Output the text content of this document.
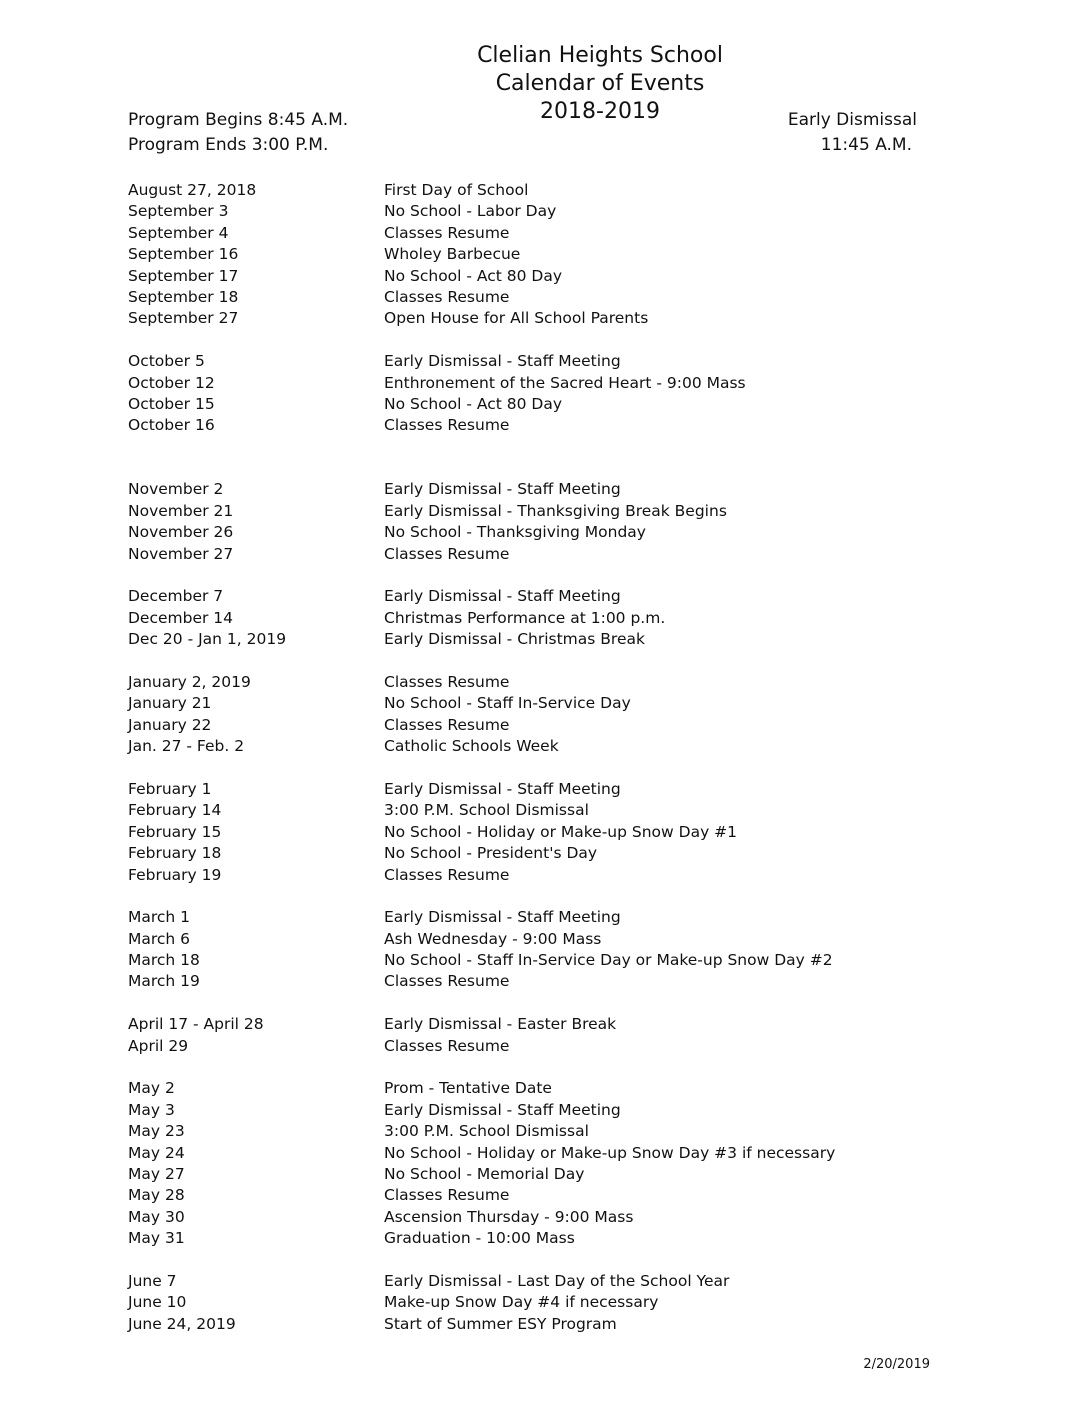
Clelian Heights School
Calendar of Events
2018-2019
Program Begins 8:45 A.M.
Program Ends 3:00 P.M.
Early Dismissal
11:45 A.M.
August 27, 2018	First Day of School
September 3	No School - Labor Day
September 4	Classes Resume
September 16	Wholey Barbecue
September 17	No School - Act 80 Day
September 18	Classes Resume
September 27	Open House for All School Parents
October 5	Early Dismissal - Staff Meeting
October 12	Enthronement of the Sacred Heart - 9:00 Mass
October 15	No School - Act 80 Day
October 16	Classes Resume
November 2	Early Dismissal - Staff Meeting
November 21	Early Dismissal - Thanksgiving Break Begins
November 26	No School - Thanksgiving Monday
November 27	Classes Resume
December 7	Early Dismissal - Staff Meeting
December 14	Christmas Performance at 1:00 p.m.
Dec 20 - Jan 1, 2019	Early Dismissal - Christmas Break
January 2, 2019	Classes Resume
January 21	No School - Staff In-Service Day
January 22	Classes Resume
Jan. 27 - Feb. 2	Catholic Schools Week
February 1	Early Dismissal - Staff Meeting
February 14	3:00 P.M. School Dismissal
February 15	No School - Holiday or Make-up Snow Day #1
February 18	No School - President's Day
February 19	Classes Resume
March 1	Early Dismissal - Staff Meeting
March 6	Ash Wednesday - 9:00 Mass
March 18	No School - Staff In-Service Day or Make-up Snow Day #2
March 19	Classes Resume
April 17 - April 28	Early Dismissal - Easter Break
April 29	Classes Resume
May 2	Prom - Tentative Date
May 3	Early Dismissal - Staff Meeting
May 23	3:00 P.M. School Dismissal
May 24	No School - Holiday or Make-up Snow Day #3 if necessary
May 27	No School - Memorial Day
May 28	Classes Resume
May 30	Ascension Thursday - 9:00 Mass
May 31	Graduation - 10:00 Mass
June 7	Early Dismissal - Last Day of the School Year
June 10	Make-up Snow Day #4 if necessary
June 24, 2019	Start of Summer ESY Program
2/20/2019
